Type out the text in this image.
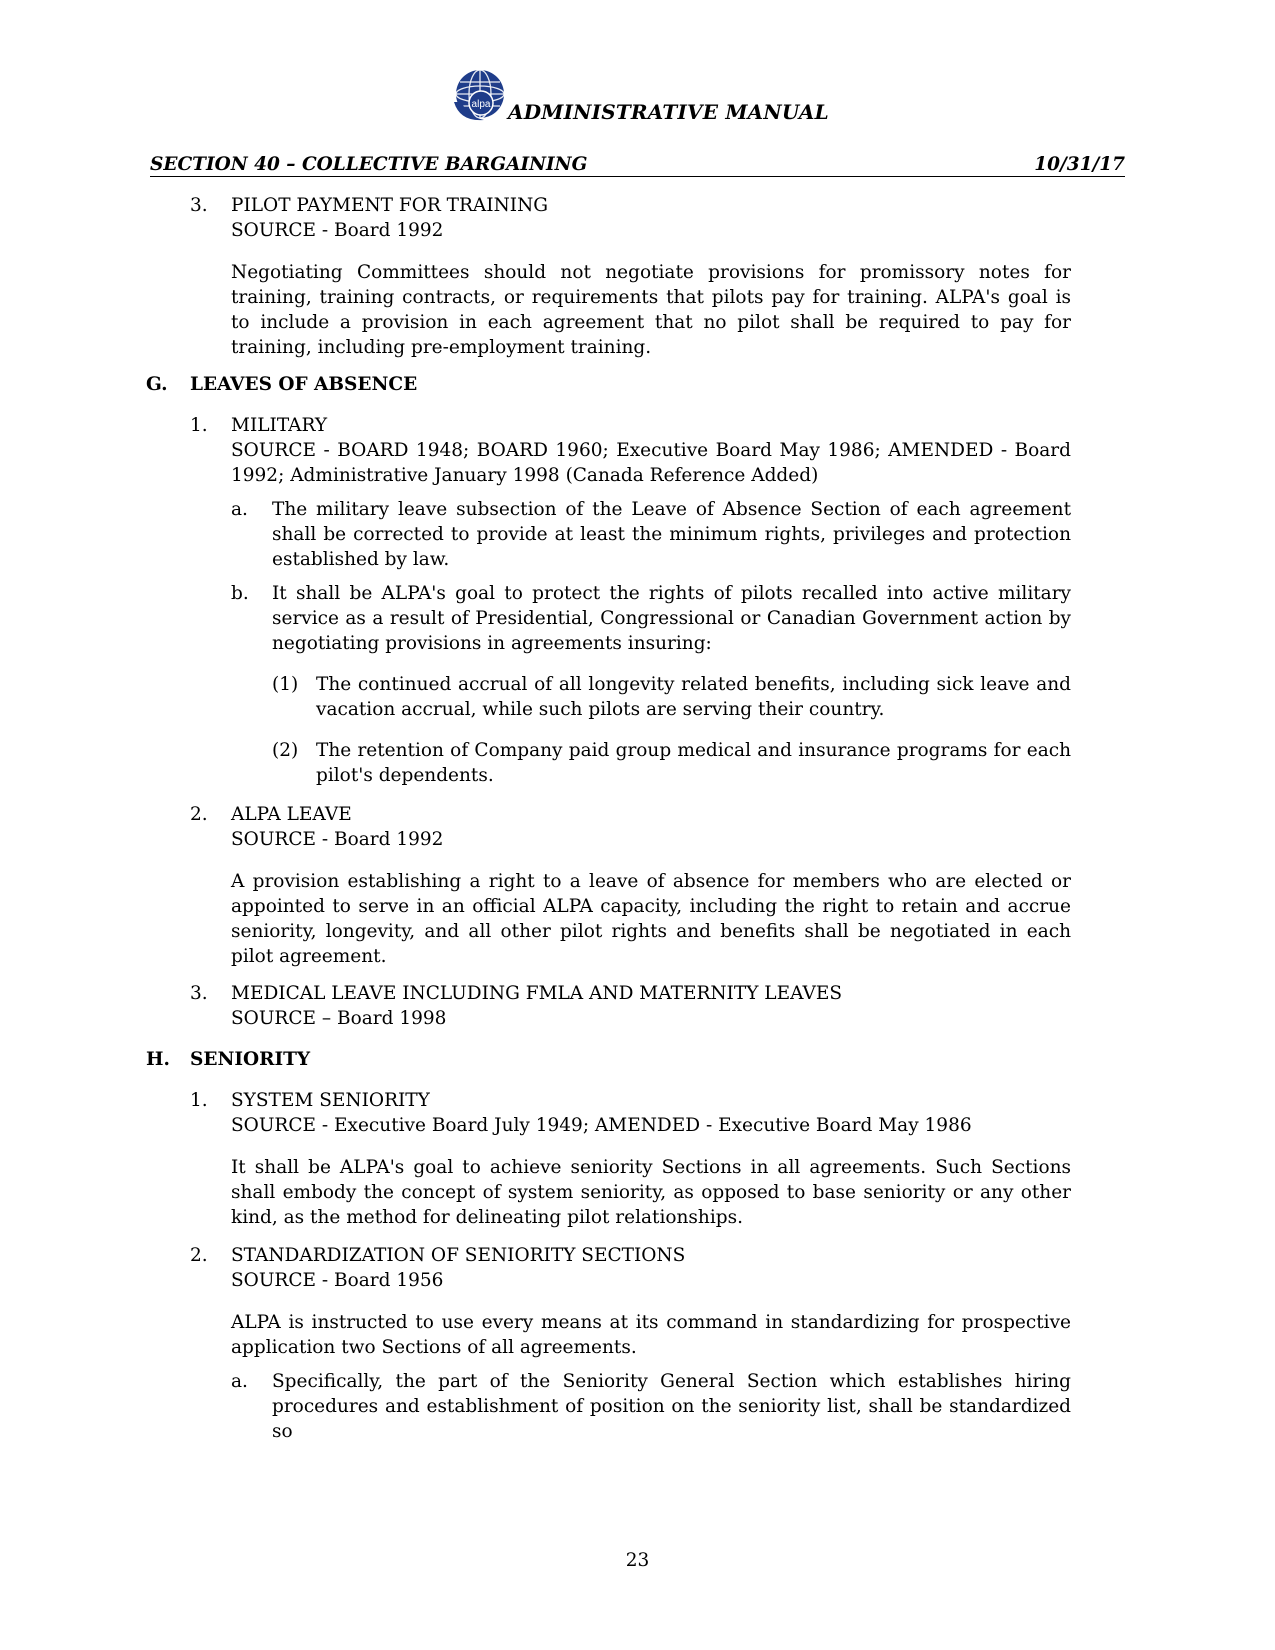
alpa ADMINISTRATIVE MANUAL
SECTION 40 – COLLECTIVE BARGAINING	10/31/17
3. PILOT PAYMENT FOR TRAINING
SOURCE - Board 1992
Negotiating Committees should not negotiate provisions for promissory notes for training, training contracts, or requirements that pilots pay for training. ALPA's goal is to include a provision in each agreement that no pilot shall be required to pay for training, including pre-employment training.
G. LEAVES OF ABSENCE
1. MILITARY
SOURCE - BOARD 1948; BOARD 1960; Executive Board May 1986; AMENDED - Board 1992; Administrative January 1998 (Canada Reference Added)
a. The military leave subsection of the Leave of Absence Section of each agreement shall be corrected to provide at least the minimum rights, privileges and protection established by law.
b. It shall be ALPA's goal to protect the rights of pilots recalled into active military service as a result of Presidential, Congressional or Canadian Government action by negotiating provisions in agreements insuring:
(1) The continued accrual of all longevity related benefits, including sick leave and vacation accrual, while such pilots are serving their country.
(2) The retention of Company paid group medical and insurance programs for each pilot's dependents.
2. ALPA LEAVE
SOURCE - Board 1992
A provision establishing a right to a leave of absence for members who are elected or appointed to serve in an official ALPA capacity, including the right to retain and accrue seniority, longevity, and all other pilot rights and benefits shall be negotiated in each pilot agreement.
3. MEDICAL LEAVE INCLUDING FMLA AND MATERNITY LEAVES
SOURCE – Board 1998
H. SENIORITY
1. SYSTEM SENIORITY
SOURCE - Executive Board July 1949; AMENDED - Executive Board May 1986
It shall be ALPA's goal to achieve seniority Sections in all agreements. Such Sections shall embody the concept of system seniority, as opposed to base seniority or any other kind, as the method for delineating pilot relationships.
2. STANDARDIZATION OF SENIORITY SECTIONS
SOURCE - Board 1956
ALPA is instructed to use every means at its command in standardizing for prospective application two Sections of all agreements.
a. Specifically, the part of the Seniority General Section which establishes hiring procedures and establishment of position on the seniority list, shall be standardized so
23
